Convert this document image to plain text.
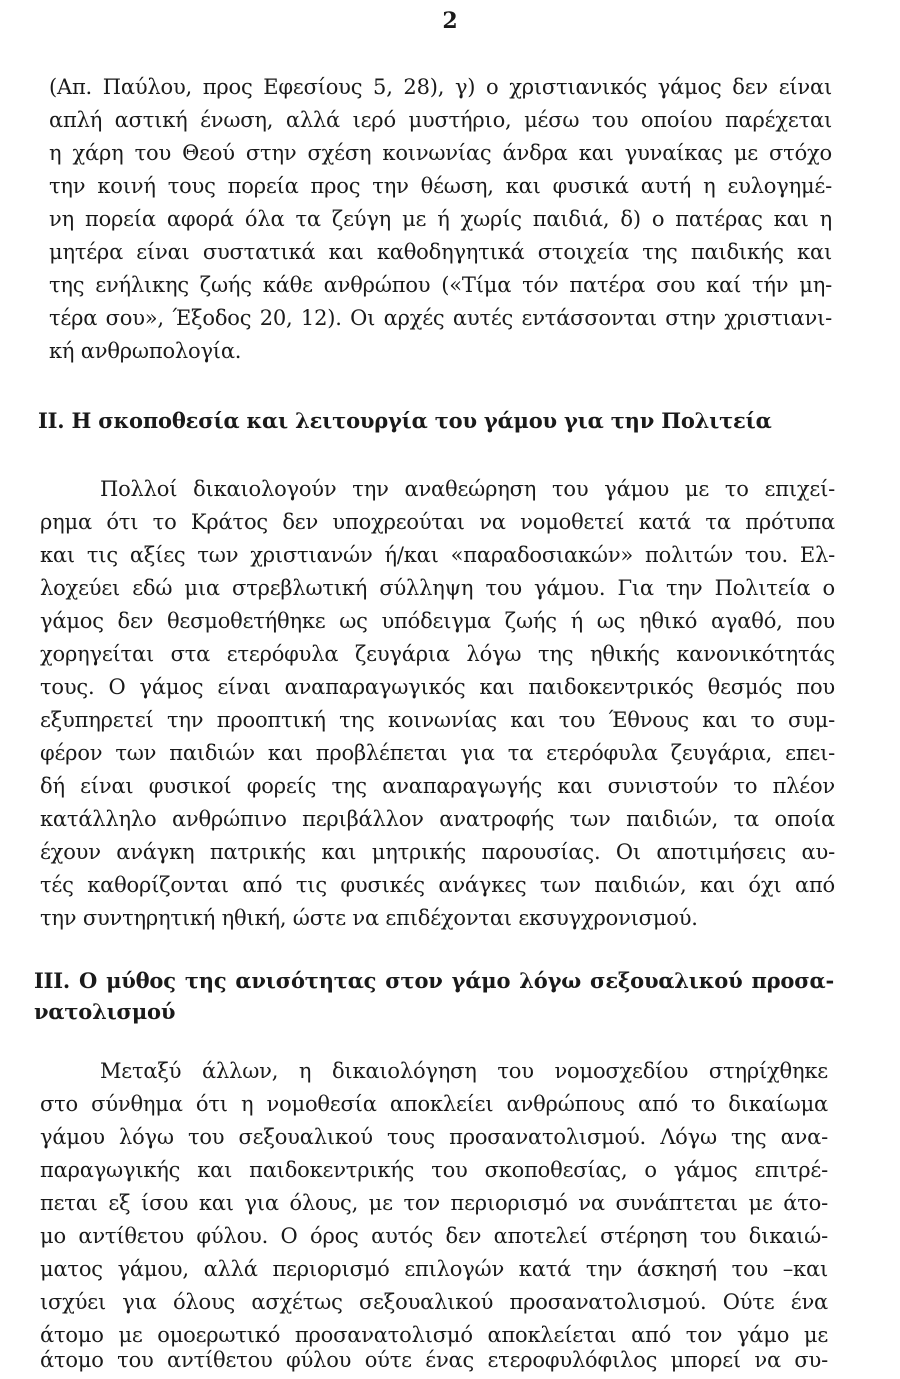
2
(Απ. Παύλου, προς Εφεσίους 5, 28), γ) ο χριστιανικός γάμος δεν είναι
απλή αστική ένωση, αλλά ιερό μυστήριο, μέσω του οποίου παρέχεται
η χάρη του Θεού στην σχέση κοινωνίας άνδρα και γυναίκας με στόχο
την κοινή τους πορεία προς την θέωση, και φυσικά αυτή η ευλογημέ-
νη πορεία αφορά όλα τα ζεύγη με ή χωρίς παιδιά, δ) ο πατέρας και η
μητέρα είναι συστατικά και καθοδηγητικά στοιχεία της παιδικής και
της ενήλικης ζωής κάθε ανθρώπου («Τίμα τόν πατέρα σου καί τήν μη-
τέρα σου», Έξοδος 20, 12). Οι αρχές αυτές εντάσσονται στην χριστιανι-
κή ανθρωπολογία.
II. Η σκοποθεσία και λειτουργία του γάμου για την Πολιτεία
Πολλοί δικαιολογούν την αναθεώρηση του γάμου με το επιχεί-
ρημα ότι το Κράτος δεν υποχρεούται να νομοθετεί κατά τα πρότυπα
και τις αξίες των χριστιανών ή/και «παραδοσιακών» πολιτών του. Ελ-
λοχεύει εδώ μια στρεβλωτική σύλληψη του γάμου. Για την Πολιτεία ο
γάμος δεν θεσμοθετήθηκε ως υπόδειγμα ζωής ή ως ηθικό αγαθό, που
χορηγείται στα ετερόφυλα ζευγάρια λόγω της ηθικής κανονικότητάς
τους. Ο γάμος είναι αναπαραγωγικός και παιδοκεντρικός θεσμός που
εξυπηρετεί την προοπτική της κοινωνίας και του Έθνους και το συμ-
φέρον των παιδιών και προβλέπεται για τα ετερόφυλα ζευγάρια, επει-
δή είναι φυσικοί φορείς της αναπαραγωγής και συνιστούν το πλέον
κατάλληλο ανθρώπινο περιβάλλον ανατροφής των παιδιών, τα οποία
έχουν ανάγκη πατρικής και μητρικής παρουσίας. Οι αποτιμήσεις αυ-
τές καθορίζονται από τις φυσικές ανάγκες των παιδιών, και όχι από
την συντηρητική ηθική, ώστε να επιδέχονται εκσυγχρονισμού.
III. Ο μύθος της ανισότητας στον γάμο λόγω σεξουαλικού προσα-
νατολισμού
Μεταξύ άλλων, η δικαιολόγηση του νομοσχεδίου στηρίχθηκε
στο σύνθημα ότι η νομοθεσία αποκλείει ανθρώπους από το δικαίωμα
γάμου λόγω του σεξουαλικού τους προσανατολισμού. Λόγω της ανα-
παραγωγικής και παιδοκεντρικής του σκοποθεσίας, ο γάμος επιτρέ-
πεται εξ ίσου και για όλους, με τον περιορισμό να συνάπτεται με άτο-
μο αντίθετου φύλου. Ο όρος αυτός δεν αποτελεί στέρηση του δικαιώ-
ματος γάμου, αλλά περιορισμό επιλογών κατά την άσκησή του –και
ισχύει για όλους ασχέτως σεξουαλικού προσανατολισμού. Ούτε ένα
άτομο με ομοερωτικό προσανατολισμό αποκλείεται από τον γάμο με
άτομο του αντίθετου φύλου ούτε ένας ετεροφυλόφιλος μπορεί να συ-
